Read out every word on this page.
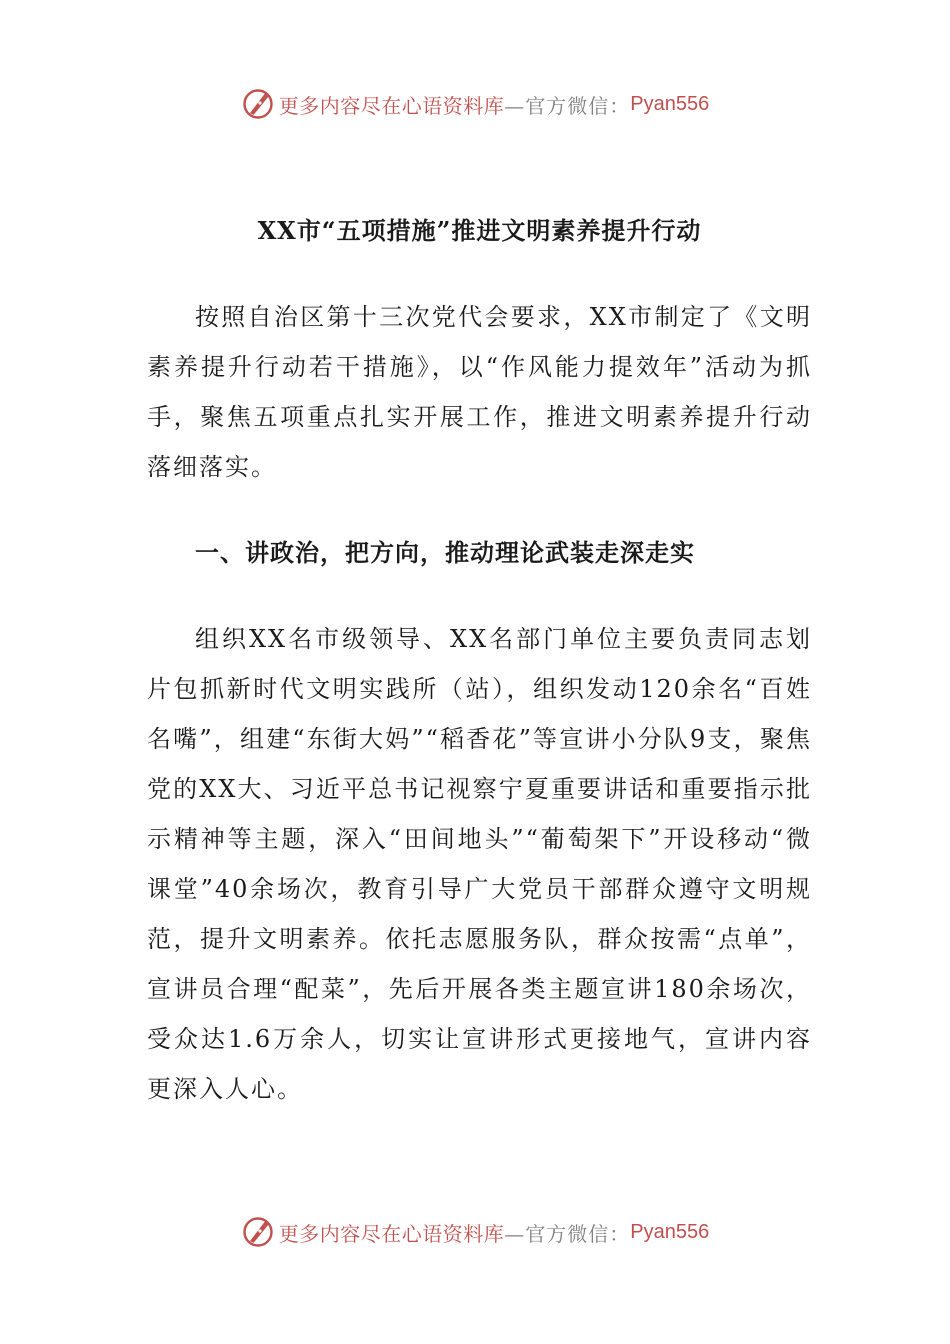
更多内容尽在心语资料库 —官方微信： Pyan556
XX市“五项措施”推进文明素养提升行动

按照自治区第十三次党代会要求，XX市制定了《文明素养提升行动若干措施》，以“作风能力提效年”活动为抓手，聚焦五项重点扎实开展工作，推进文明素养提升行动落细落实。

一、讲政治，把方向，推动理论武装走深走实

组织XX名市级领导、XX名部门单位主要负责同志划片包抓新时代文明实践所（站），组织发动120余名“百姓名嘴”，组建“东街大妈”“稻香花”等宣讲小分队9支，聚焦党的XX大、习近平总书记视察宁夏重要讲话和重要指示批示精神等主题，深入“田间地头”“葡萄架下”开设移动“微课堂”40余场次，教育引导广大党员干部群众遵守文明规范，提升文明素养。依托志愿服务队，群众按需“点单”，宣讲员合理“配菜”，先后开展各类主题宣讲180余场次，受众达1.6万余人，切实让宣讲形式更接地气，宣讲内容更深入人心。

更多内容尽在心语资料库 —官方微信： Pyan556
